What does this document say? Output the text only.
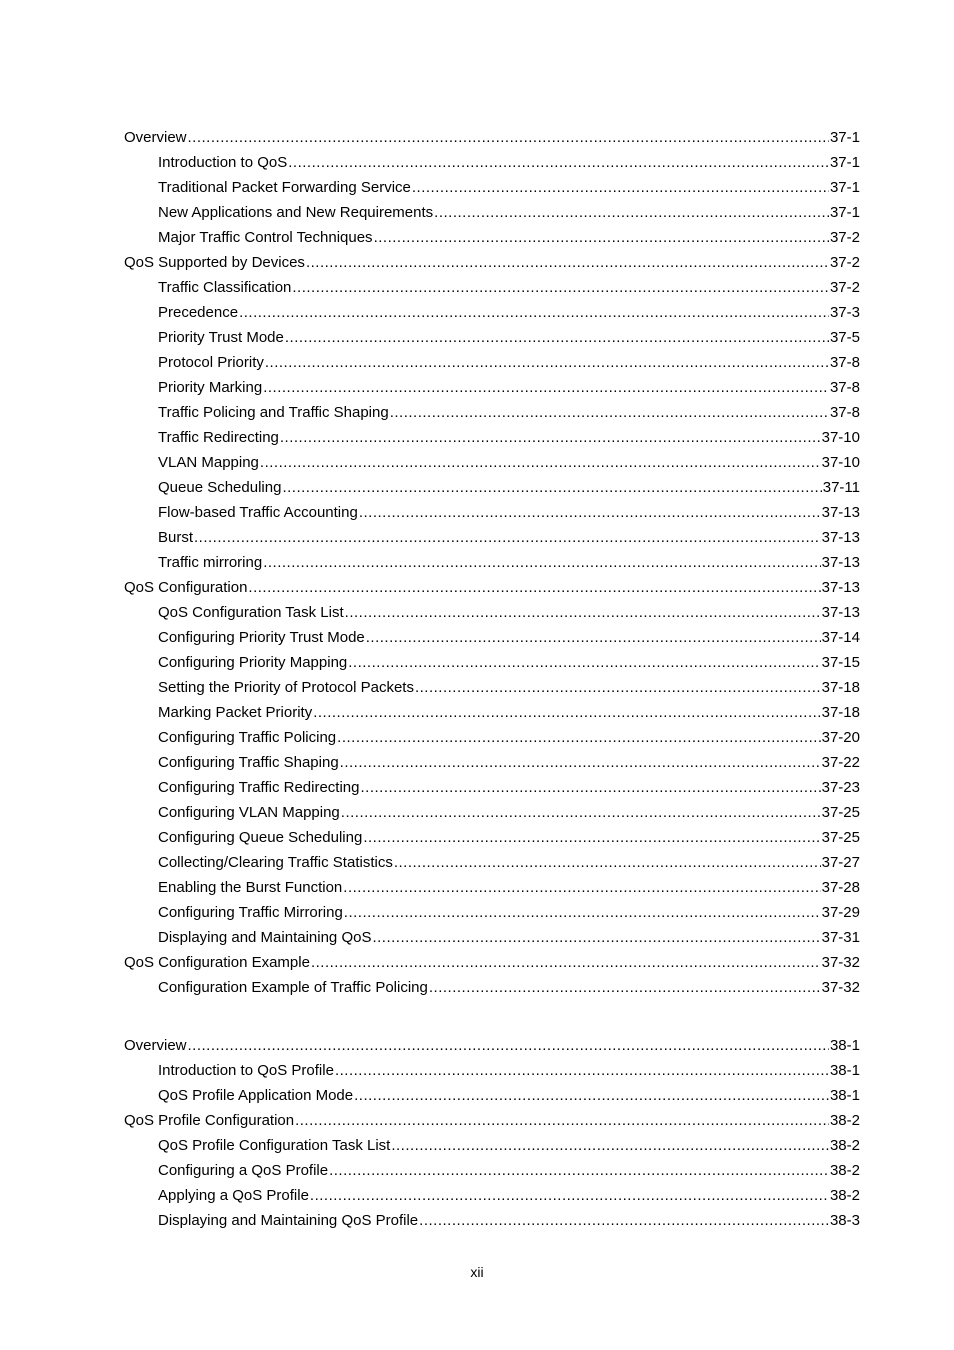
Overview .....	37-1
Introduction to QoS .....	37-1
Traditional Packet Forwarding Service .....	37-1
New Applications and New Requirements .....	37-1
Major Traffic Control Techniques .....	37-2
QoS Supported by Devices .....	37-2
Traffic Classification .....	37-2
Precedence .....	37-3
Priority Trust Mode .....	37-5
Protocol Priority .....	37-8
Priority Marking .....	37-8
Traffic Policing and Traffic Shaping .....	37-8
Traffic Redirecting .....	37-10
VLAN Mapping .....	37-10
Queue Scheduling .....	37-11
Flow-based Traffic Accounting .....	37-13
Burst .....	37-13
Traffic mirroring .....	37-13
QoS Configuration .....	37-13
QoS Configuration Task List .....	37-13
Configuring Priority Trust Mode .....	37-14
Configuring Priority Mapping .....	37-15
Setting the Priority of Protocol Packets .....	37-18
Marking Packet Priority .....	37-18
Configuring Traffic Policing .....	37-20
Configuring Traffic Shaping .....	37-22
Configuring Traffic Redirecting .....	37-23
Configuring VLAN Mapping .....	37-25
Configuring Queue Scheduling .....	37-25
Collecting/Clearing Traffic Statistics .....	37-27
Enabling the Burst Function .....	37-28
Configuring Traffic Mirroring .....	37-29
Displaying and Maintaining QoS .....	37-31
QoS Configuration Example .....	37-32
Configuration Example of Traffic Policing .....	37-32
Overview .....	38-1
Introduction to QoS Profile .....	38-1
QoS Profile Application Mode .....	38-1
QoS Profile Configuration .....	38-2
QoS Profile Configuration Task List .....	38-2
Configuring a QoS Profile .....	38-2
Applying a QoS Profile .....	38-2
Displaying and Maintaining QoS Profile .....	38-3
xii
